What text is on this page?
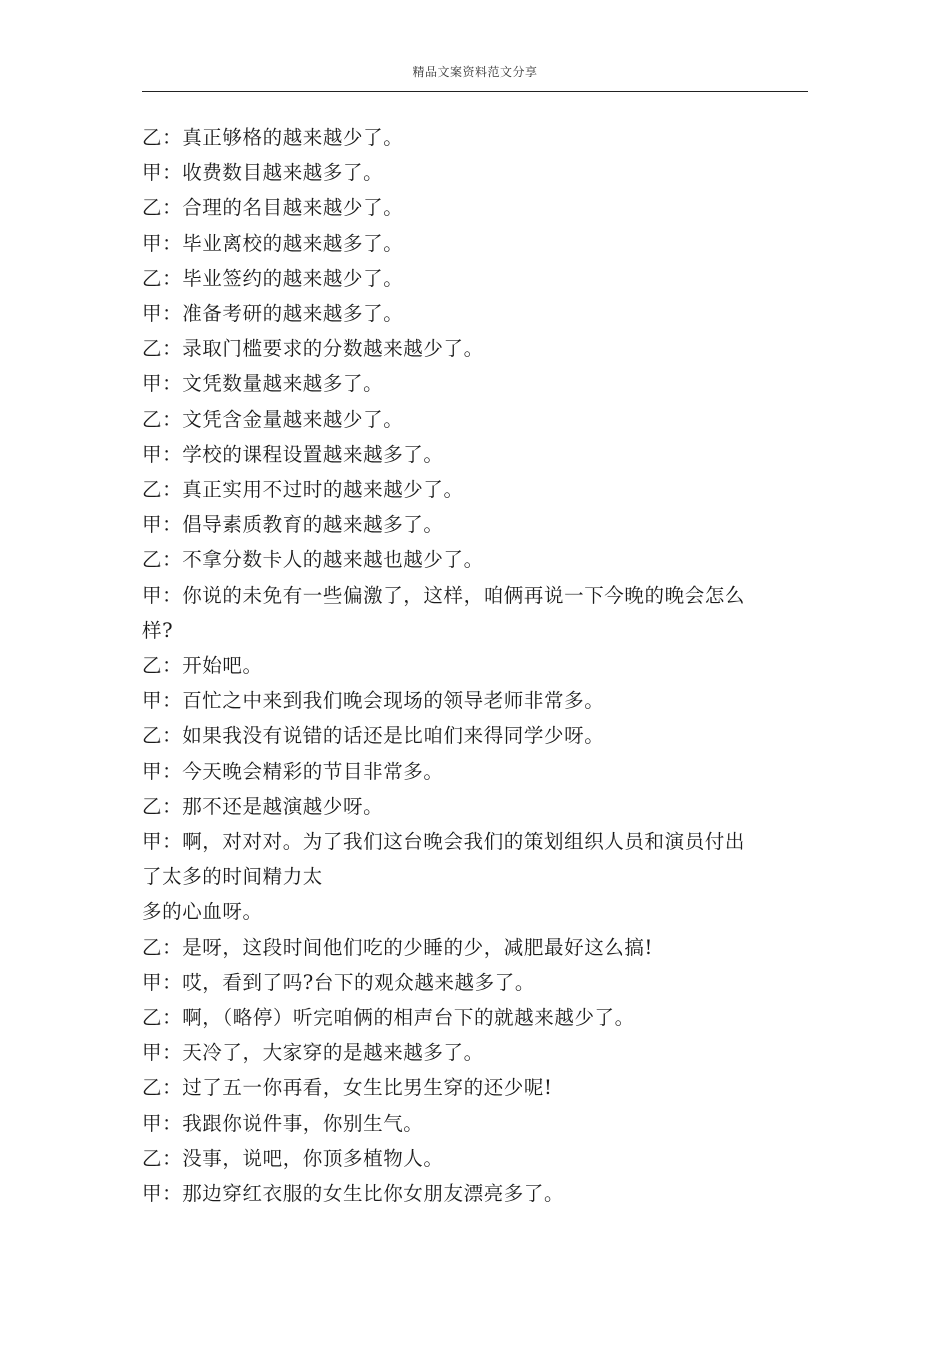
精品文案资料范文分享
乙：真正够格的越来越少了。
甲：收费数目越来越多了。
乙：合理的名目越来越少了。
甲：毕业离校的越来越多了。
乙：毕业签约的越来越少了。
甲：准备考研的越来越多了。
乙：录取门槛要求的分数越来越少了。
甲：文凭数量越来越多了。
乙：文凭含金量越来越少了。
甲：学校的课程设置越来越多了。
乙：真正实用不过时的越来越少了。
甲：倡导素质教育的越来越多了。
乙：不拿分数卡人的越来越也越少了。
甲：你说的未免有一些偏激了，这样，咱俩再说一下今晚的晚会怎么
样?
乙：开始吧。
甲：百忙之中来到我们晚会现场的领导老师非常多。
乙：如果我没有说错的话还是比咱们来得同学少呀。
甲：今天晚会精彩的节目非常多。
乙：那不还是越演越少呀。
甲：啊，对对对。为了我们这台晚会我们的策划组织人员和演员付出
了太多的时间精力太
多的心血呀。
乙：是呀，这段时间他们吃的少睡的少，减肥最好这么搞!
甲：哎，看到了吗?台下的观众越来越多了。
乙：啊，（略停）听完咱俩的相声台下的就越来越少了。
甲：天冷了，大家穿的是越来越多了。
乙：过了五一你再看，女生比男生穿的还少呢!
甲：我跟你说件事，你别生气。
乙：没事，说吧，你顶多植物人。
甲：那边穿红衣服的女生比你女朋友漂亮多了。
